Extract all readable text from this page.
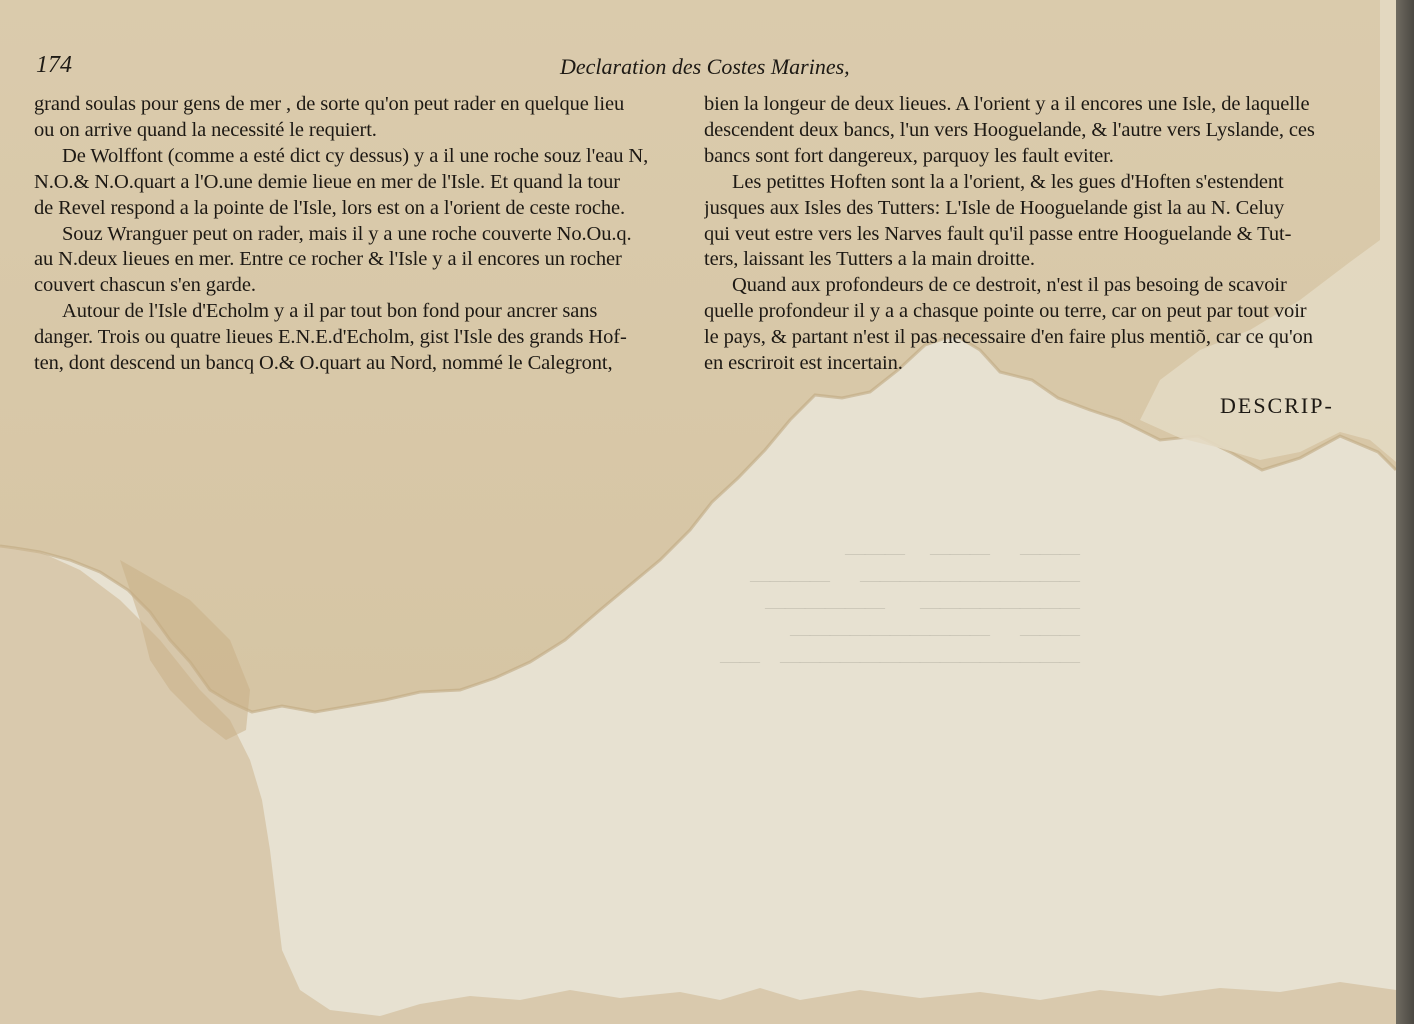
———      ———     ———
———————————      ————
————————       ——————
———      ——————————
———————————————    ——
174	Declaration des Costes Marines,

grand soulas pour gens de mer , de sorte qu'on peut rader en quelque lieu
ou on arrive quand la necessité le requiert.

De Wolffont (comme a esté dict cy dessus) y a il une roche souz l'eau N,
N.O.& N.O.quart a l'O.une demie lieue en mer de l'Isle. Et quand la tour
de Revel respond a la pointe de l'Isle, lors est on a l'orient de ceste roche.

Souz Wranguer peut on rader, mais il y a une roche couverte No.Ou.q.
au N.deux lieues en mer. Entre ce rocher & l'Isle y a il encores un rocher
couvert chascun s'en garde.

Autour de l'Isle d'Echolm y a il par tout bon fond pour ancrer sans
danger. Trois ou quatre lieues E.N.E.d'Echolm, gist l'Isle des grands Hof-
ten, dont descend un bancq O.& O.quart au Nord, nommé le Calegront,

bien la longeur de deux lieues. A l'orient y a il encores une Isle, de laquelle
descendent deux bancs, l'un vers Hooguelande, & l'autre vers Lyslande, ces
bancs sont fort dangereux, parquoy les fault eviter.

Les petittes Hoften sont la a l'orient, & les gues d'Hoften s'estendent
jusques aux Isles des Tutters: L'Isle de Hooguelande gist la au N. Celuy
qui veut estre vers les Narves fault qu'il passe entre Hooguelande & Tut-
ters, laissant les Tutters a la main droitte.

Quand aux profondeurs de ce destroit, n'est il pas besoing de scavoir
quelle profondeur il y a a chasque pointe ou terre, car on peut par tout voir
le pays, & partant n'est il pas necessaire d'en faire plus mentiõ, car ce qu'on
en escriroit est incertain.

DESCRIP-
